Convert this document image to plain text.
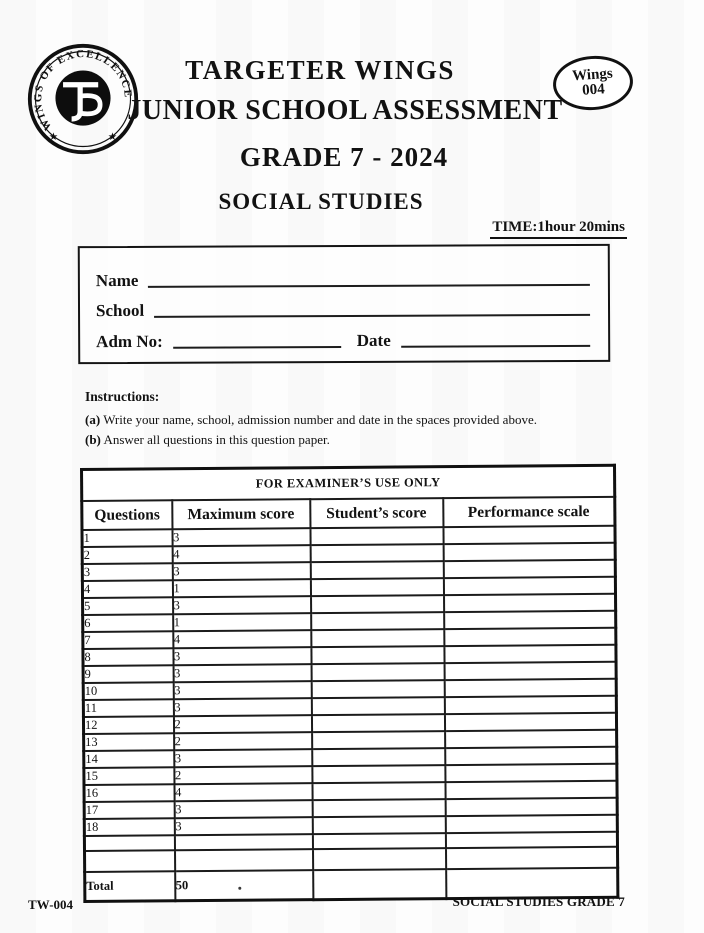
WINGS OF EXCELLENCE
★	★
TARGETER WINGS	Wings
004
JUNIOR SCHOOL ASSESSMENT
GRADE 7 - 2024
SOCIAL STUDIES
TIME:1hour 20mins
Name
School
Adm No:	Date
Instructions:
(a) Write your name, school, admission number and date in the spaces provided above.
(b) Answer all questions in this question paper.
FOR EXAMINER’S USE ONLY			
Questions	Maximum score	Student’s score	Performance scale
1	3		
2	4		
3	3		
4	1		
5	3		
6	1		
7	4		
8	3		
9	3		
10	3		
11	3		
12	2		
13	2		
14	3		
15	2		
16	4		
17	3		
18	3		

Total	50

TW-004	SOCIAL STUDIES GRADE 7
